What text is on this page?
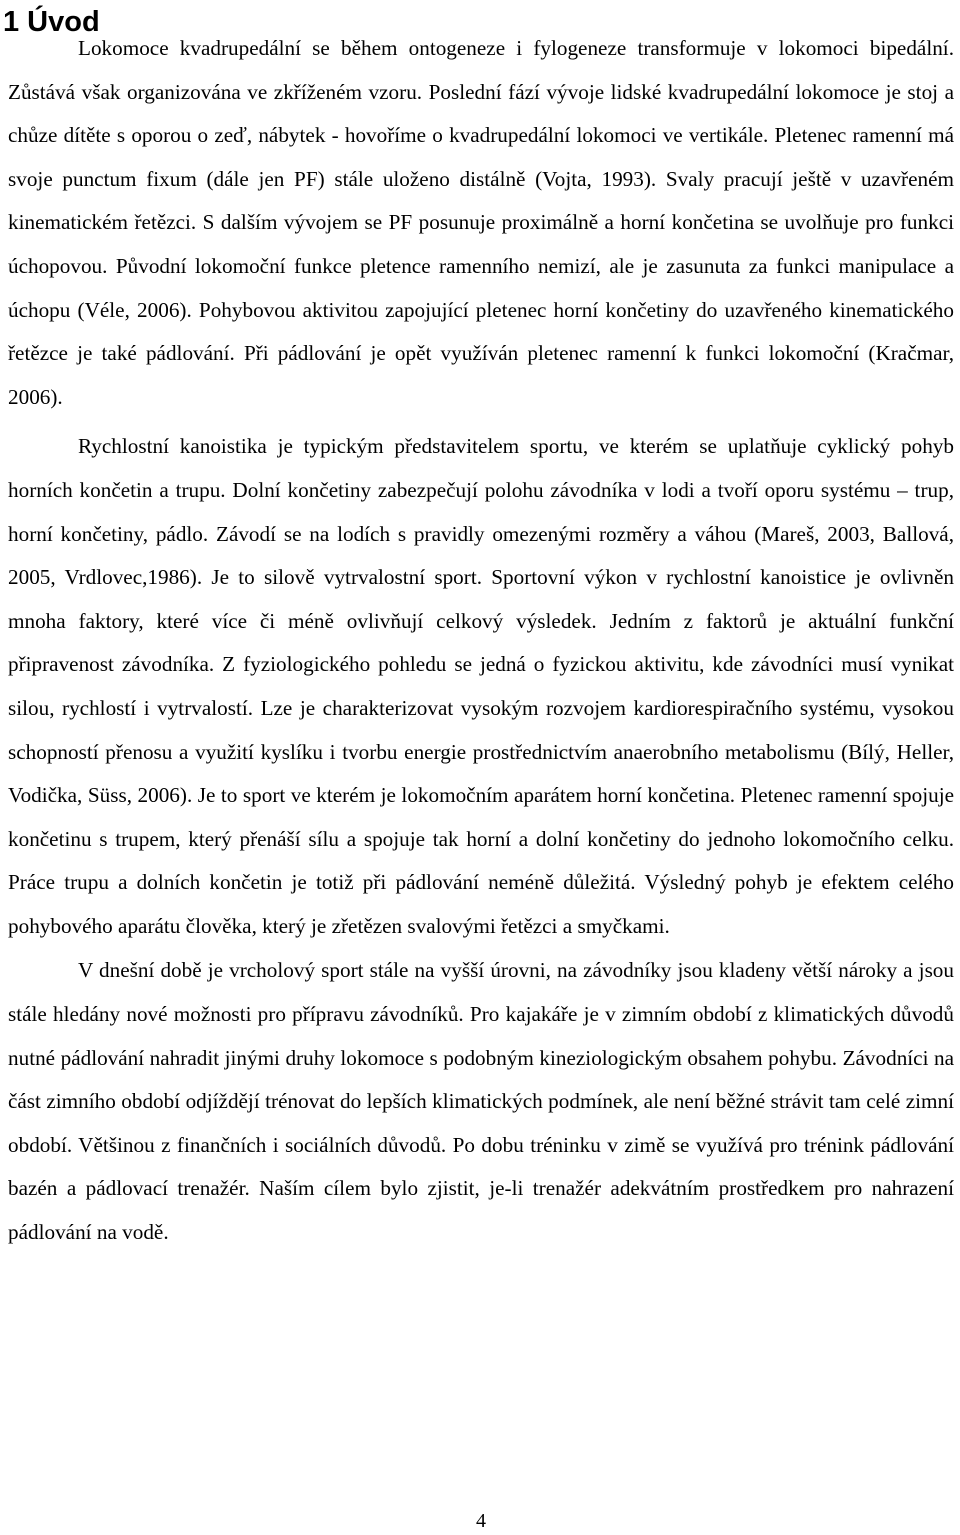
1 Úvod

Lokomoce kvadrupedální se během ontogeneze i fylogeneze transformuje v lokomoci bipedální. Zůstává však organizována ve zkříženém vzoru. Poslední fází vývoje lidské kvadrupedální lokomoce je stoj a chůze dítěte s oporou o zeď, nábytek - hovoříme o kvadrupedální lokomoci ve vertikále. Pletenec ramenní má svoje punctum fixum (dále jen PF) stále uloženo distálně (Vojta, 1993). Svaly pracují ještě v uzavřeném kinematickém řetězci. S dalším vývojem se PF posunuje proximálně a horní končetina se uvolňuje pro funkci úchopovou. Původní lokomoční funkce pletence ramenního nemizí, ale je zasunuta za funkci manipulace a úchopu (Véle, 2006). Pohybovou aktivitou zapojující pletenec horní končetiny do uzavřeného kinematického řetězce je také pádlování. Při pádlování je opět využíván pletenec ramenní k funkci lokomoční (Kračmar, 2006).

Rychlostní kanoistika je typickým představitelem sportu, ve kterém se uplatňuje cyklický pohyb horních končetin a trupu. Dolní končetiny zabezpečují polohu závodníka v lodi a tvoří oporu systému – trup, horní končetiny, pádlo. Závodí se na lodích s pravidly omezenými rozměry a váhou (Mareš, 2003, Ballová, 2005, Vrdlovec,1986). Je to silově vytrvalostní sport. Sportovní výkon v rychlostní kanoistice je ovlivněn mnoha faktory, které více či méně ovlivňují celkový výsledek. Jedním z faktorů je aktuální funkční připravenost závodníka. Z fyziologického pohledu se jedná o fyzickou aktivitu, kde závodníci musí vynikat silou, rychlostí i vytrvalostí. Lze je charakterizovat vysokým rozvojem kardiorespiračního systému, vysokou schopností přenosu a využití kyslíku i tvorbu energie prostřednictvím anaerobního metabolismu (Bílý, Heller, Vodička, Süss, 2006). Je to sport ve kterém je lokomočním aparátem horní končetina. Pletenec ramenní spojuje končetinu s trupem, který přenáší sílu a spojuje tak horní a dolní končetiny do jednoho lokomočního celku. Práce trupu a dolních končetin je totiž při pádlování neméně důležitá. Výsledný pohyb je efektem celého pohybového aparátu člověka, který je zřetězen svalovými řetězci a smyčkami.

V dnešní době je vrcholový sport stále na vyšší úrovni, na závodníky jsou kladeny větší nároky a jsou stále hledány nové možnosti pro přípravu závodníků. Pro kajakáře je v zimním období z klimatických důvodů nutné pádlování nahradit jinými druhy lokomoce s podobným kineziologickým obsahem pohybu. Závodníci na část zimního období odjíždějí trénovat do lepších klimatických podmínek, ale není běžné strávit tam celé zimní období. Většinou z finančních i sociálních důvodů. Po dobu tréninku v zimě se využívá pro trénink pádlování bazén a pádlovací trenažér. Naším cílem bylo zjistit, je-li trenažér adekvátním prostředkem pro nahrazení pádlování na vodě.

4
